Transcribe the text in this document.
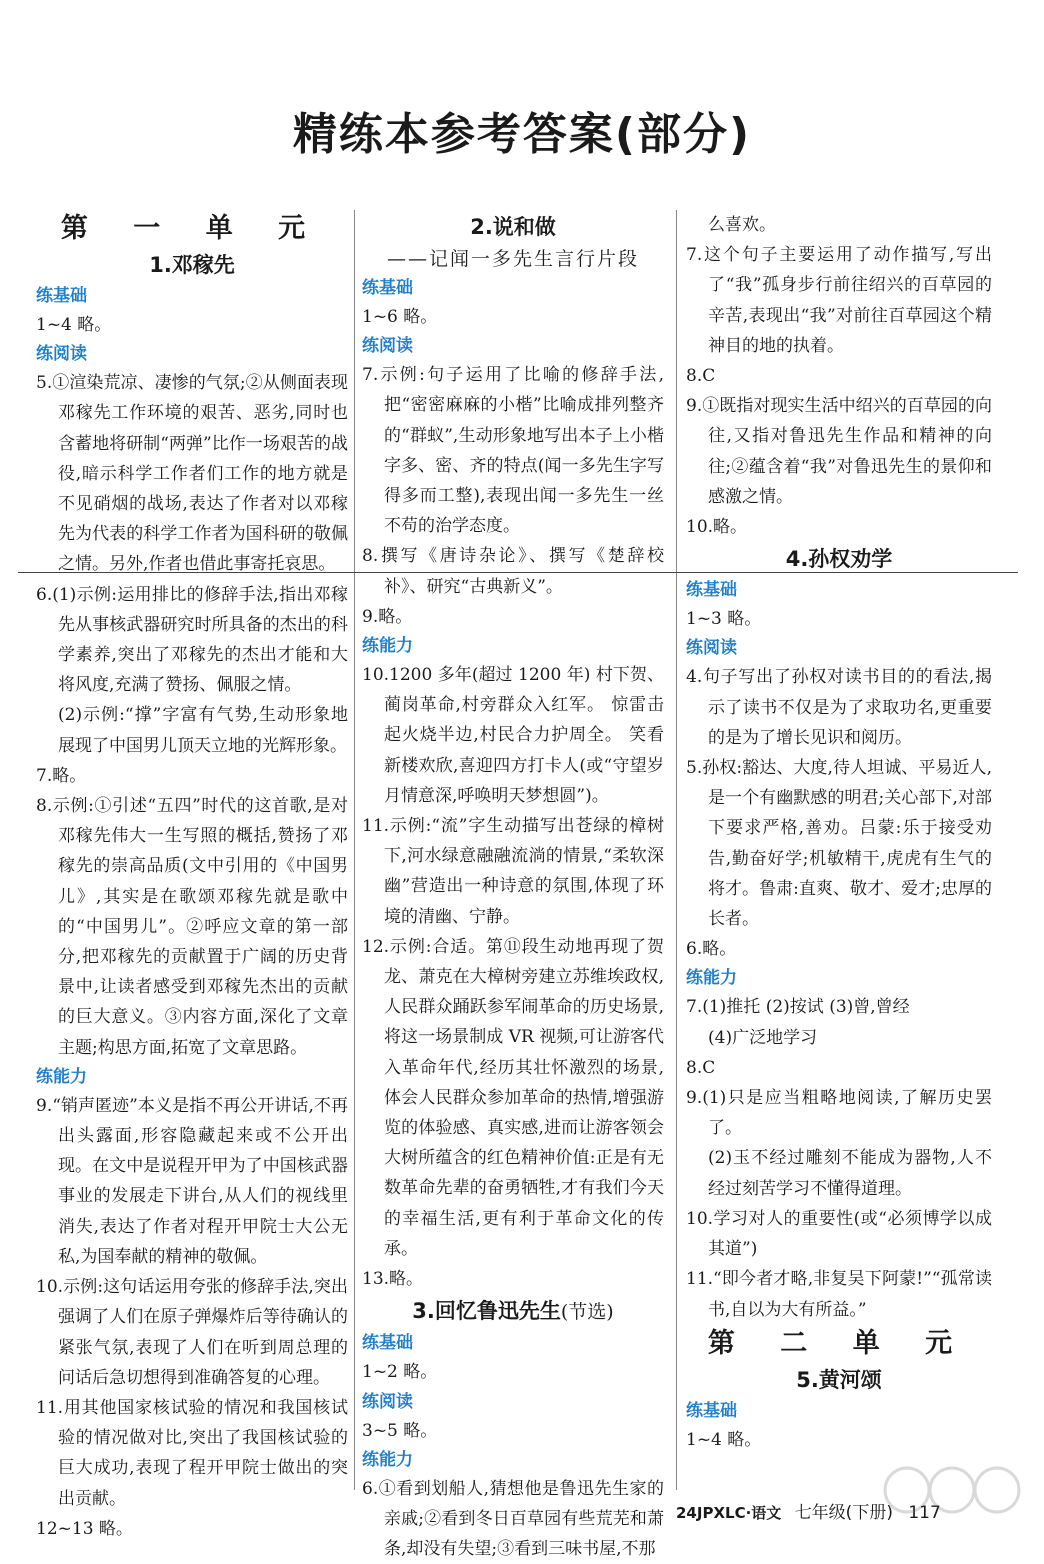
精练本参考答案(部分)
第 一 单 元
1.邓稼先
练基础

1~4 略。

练阅读

5.①渲染荒凉、凄惨的气氛;②从侧面表现邓稼先工作环境的艰苦、恶劣,同时也含蓄地将研制“两弹”比作一场艰苦的战役,暗示科学工作者们工作的地方就是不见硝烟的战场,表达了作者对以邓稼先为代表的科学工作者为国科研的敬佩之情。另外,作者也借此事寄托哀思。

6.(1)示例:运用排比的修辞手法,指出邓稼先从事核武器研究时所具备的杰出的科学素养,突出了邓稼先的杰出才能和大将风度,充满了赞扬、佩服之情。

(2)示例:“撑”字富有气势,生动形象地展现了中国男儿顶天立地的光辉形象。

7.略。

8.示例:①引述“五四”时代的这首歌,是对邓稼先伟大一生写照的概括,赞扬了邓稼先的崇高品质(文中引用的《中国男儿》,其实是在歌颂邓稼先就是歌中的“中国男儿”。②呼应文章的第一部分,把邓稼先的贡献置于广阔的历史背景中,让读者感受到邓稼先杰出的贡献的巨大意义。③内容方面,深化了文章主题;构思方面,拓宽了文章思路。

练能力

9.“销声匿迹”本义是指不再公开讲话,不再出头露面,形容隐藏起来或不公开出现。在文中是说程开甲为了中国核武器事业的发展走下讲台,从人们的视线里消失,表达了作者对程开甲院士大公无私,为国奉献的精神的敬佩。

10.示例:这句话运用夸张的修辞手法,突出强调了人们在原子弹爆炸后等待确认的紧张气氛,表现了人们在听到周总理的问话后急切想得到准确答复的心理。

11.用其他国家核试验的情况和我国核试验的情况做对比,突出了我国核试验的巨大成功,表现了程开甲院士做出的突出贡献。

12~13 略。

2.说和做
——记闻一多先生言行片段
练基础

1~6 略。

练阅读

7.示例:句子运用了比喻的修辞手法,把“密密麻麻的小楷”比喻成排列整齐的“群蚁”,生动形象地写出本子上小楷字多、密、齐的特点(闻一多先生字写得多而工整),表现出闻一多先生一丝不苟的治学态度。

8.撰写《唐诗杂论》、撰写《楚辞校补》、研究“古典新义”。

9.略。

练能力

10.1200 多年(超过 1200 年) 村下贺、蔺岗革命,村旁群众入红军。 惊雷击起火烧半边,村民合力护周全。 笑看新楼欢欣,喜迎四方打卡人(或“守望岁月情意深,呼唤明天梦想圆”)。

11.示例:“流”字生动描写出苍绿的樟树下,河水绿意融融流淌的情景,“柔软深幽”营造出一种诗意的氛围,体现了环境的清幽、宁静。

12.示例:合适。第⑪段生动地再现了贺龙、萧克在大樟树旁建立苏维埃政权,人民群众踊跃参军闹革命的历史场景,将这一场景制成 VR 视频,可让游客代入革命年代,经历其壮怀激烈的场景,体会人民群众参加革命的热情,增强游览的体验感、真实感,进而让游客领会大树所蕴含的红色精神价值:正是有无数革命先辈的奋勇牺牲,才有我们今天的幸福生活,更有利于革命文化的传承。

13.略。

3.回忆鲁迅先生(节选)
练基础

1~2 略。

练阅读

3~5 略。

练能力

6.①看到划船人,猜想他是鲁迅先生家的亲戚;②看到冬日百草园有些荒芜和萧条,却没有失望;③看到三味书屋,不那

么喜欢。

7.这个句子主要运用了动作描写,写出了“我”孤身步行前往绍兴的百草园的辛苦,表现出“我”对前往百草园这个精神目的地的执着。

8.C

9.①既指对现实生活中绍兴的百草园的向往,又指对鲁迅先生作品和精神的向往;②蕴含着“我”对鲁迅先生的景仰和感激之情。

10.略。

4.孙权劝学
练基础

1~3 略。

练阅读

4.句子写出了孙权对读书目的的看法,揭示了读书不仅是为了求取功名,更重要的是为了增长见识和阅历。

5.孙权:豁达、大度,待人坦诚、平易近人,是一个有幽默感的明君;关心部下,对部下要求严格,善劝。吕蒙:乐于接受劝告,勤奋好学;机敏精干,虎虎有生气的将才。鲁肃:直爽、敬才、爱才;忠厚的长者。

6.略。

练能力

7.(1)推托 (2)按试 (3)曾,曾经

(4)广泛地学习

8.C

9.(1)只是应当粗略地阅读,了解历史罢了。

(2)玉不经过雕刻不能成为器物,人不经过刻苦学习不懂得道理。

10.学习对人的重要性(或“必须博学以成其道”)

11.“即今者才略,非复吴下阿蒙!”“孤常读书,自以为大有所益。”

第 二 单 元
5.黄河颂
练基础

1~4 略。

24JPXLC·语文 七年级(下册) 117
